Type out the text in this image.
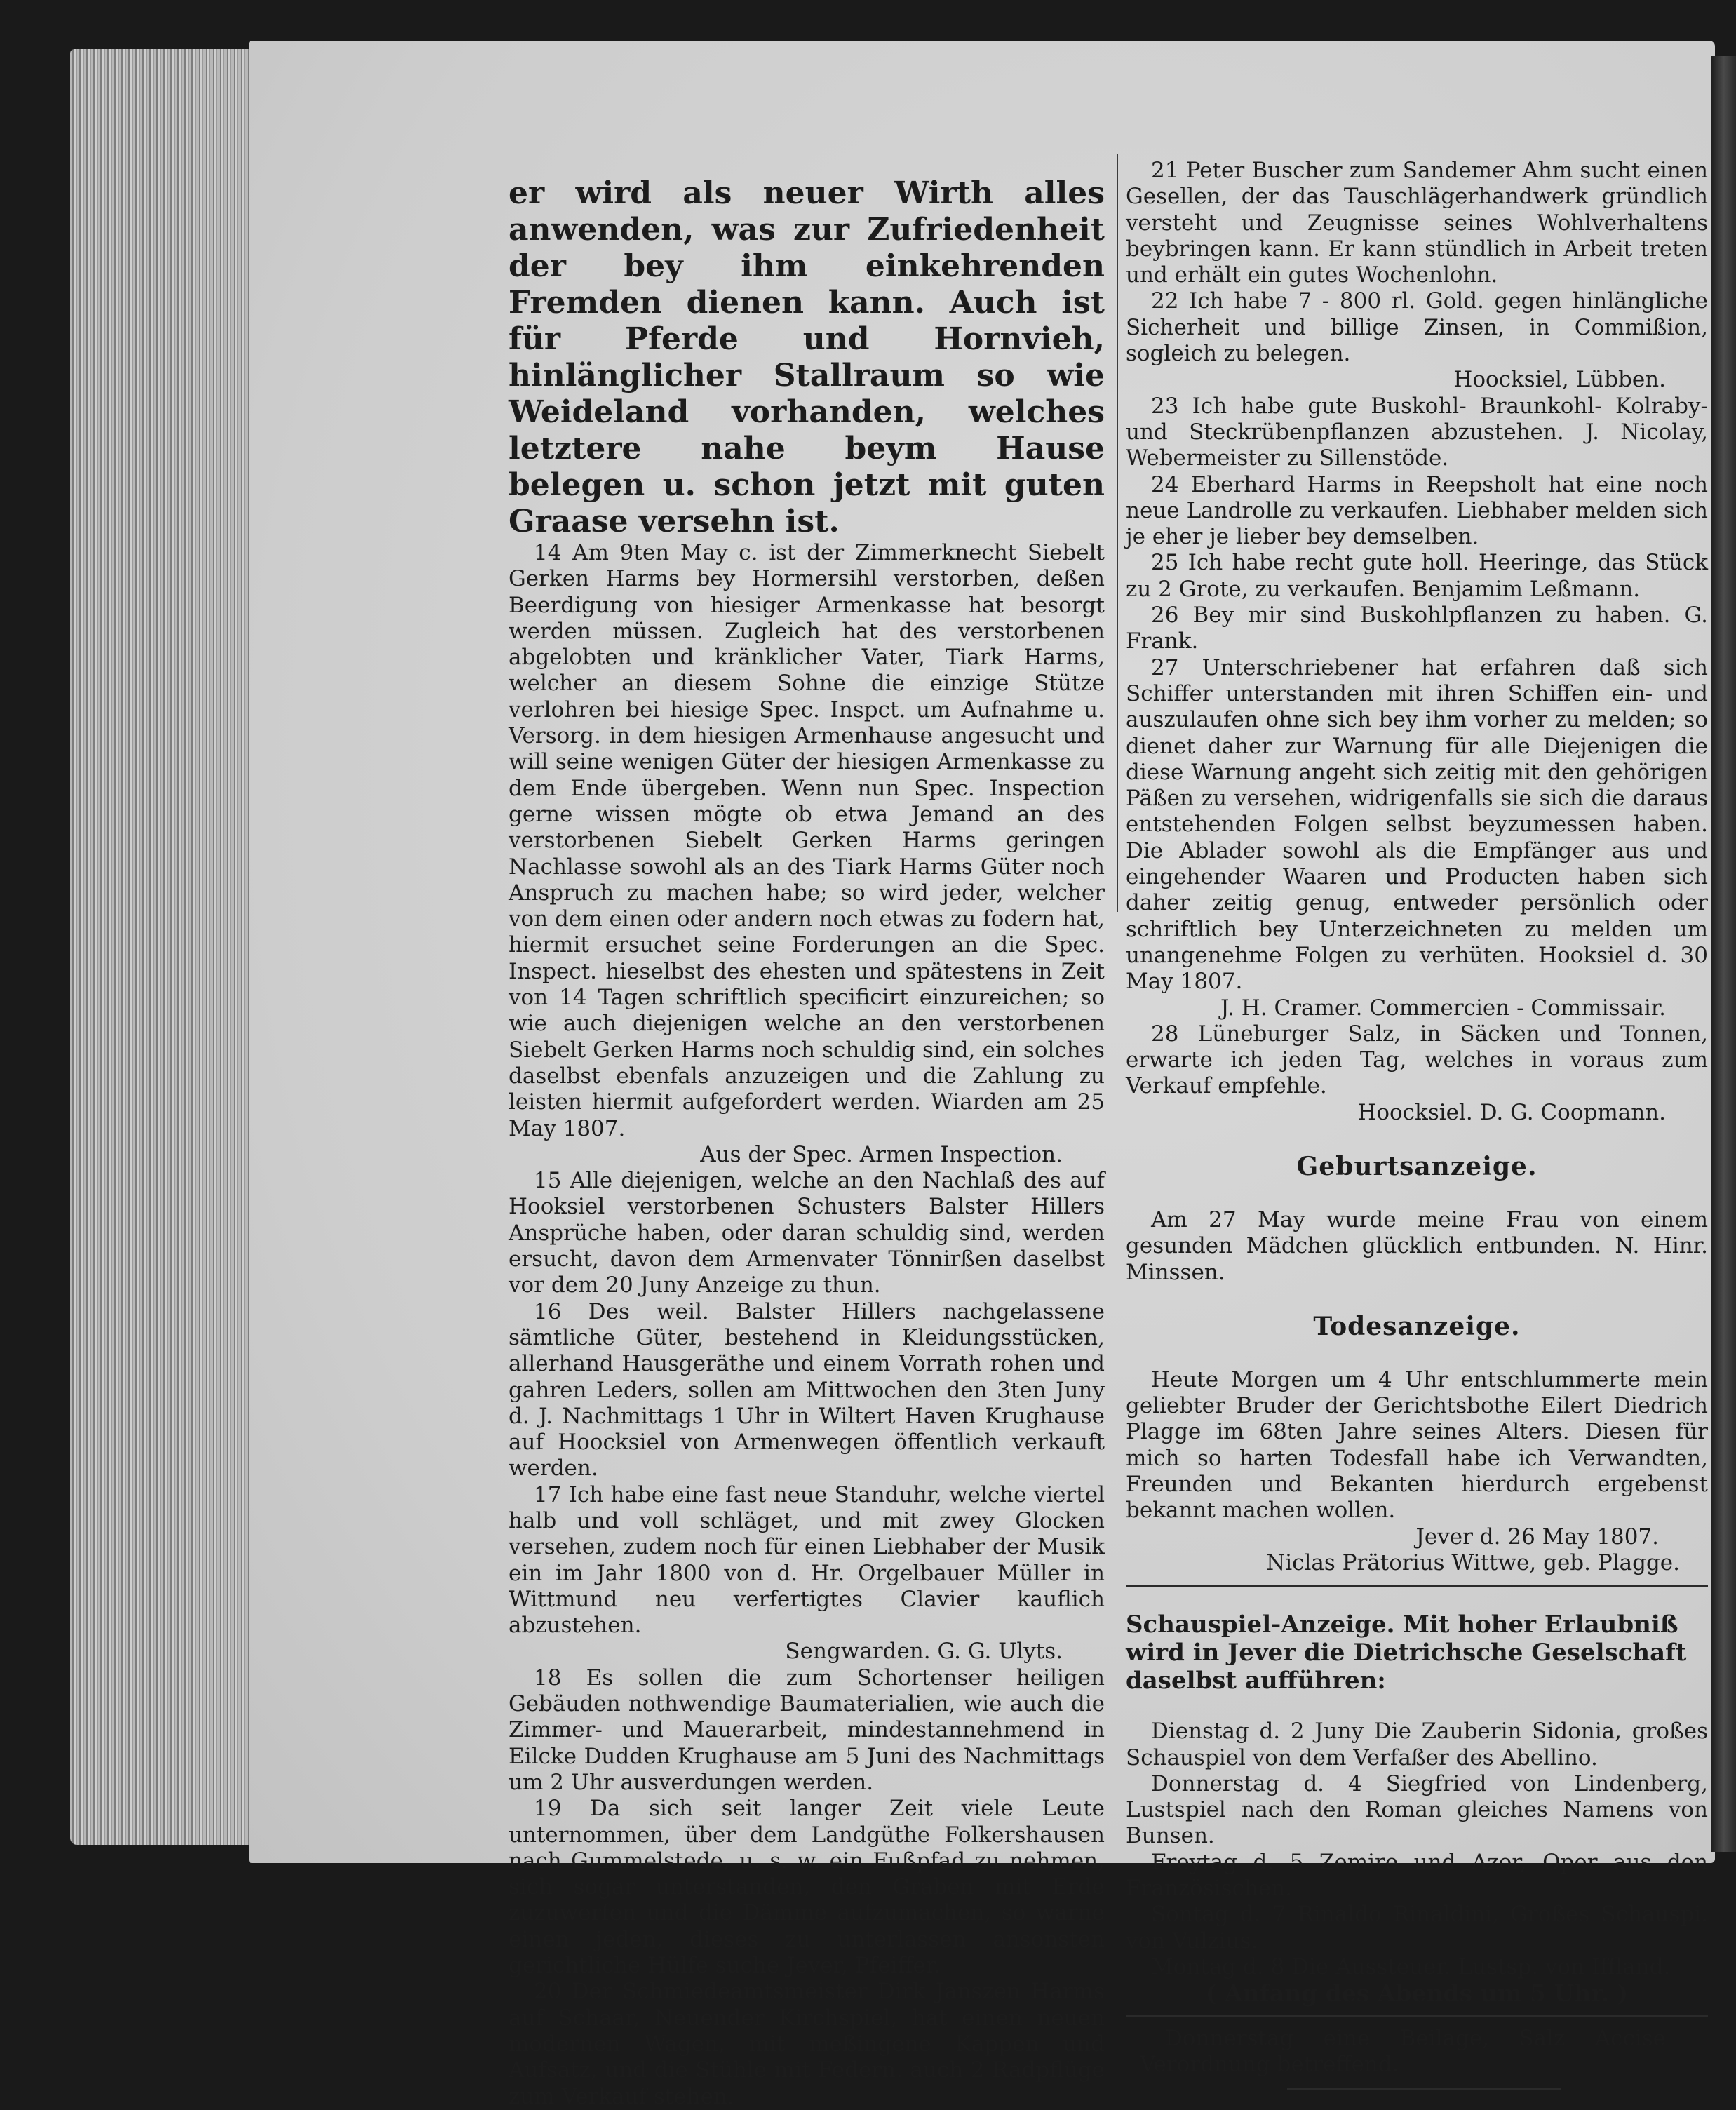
er wird als neuer Wirth alles anwenden, was zur Zufriedenheit der bey ihm einkehrenden Fremden dienen kann. Auch ist für Pferde und Hornvieh, hinlänglicher Stallraum so wie Weideland vorhanden, welches letztere nahe beym Hause belegen u. schon jetzt mit guten Graase versehn ist.

14 Am 9ten May c. ist der Zimmerknecht Siebelt Gerken Harms bey Hormersihl verstorben, deßen Beerdigung von hiesiger Armenkasse hat besorgt werden müssen. Zugleich hat des verstorbenen abgelobten und kränklicher Vater, Tiark Harms, welcher an diesem Sohne die einzige Stütze verlohren bei hiesige Spec. Inspct. um Aufnahme u. Versorg. in dem hiesigen Armenhause angesucht und will seine wenigen Güter der hiesigen Armenkasse zu dem Ende übergeben. Wenn nun Spec. Inspection gerne wissen mögte ob etwa Jemand an des verstorbenen Siebelt Gerken Harms geringen Nachlasse sowohl als an des Tiark Harms Güter noch Anspruch zu machen habe; so wird jeder, welcher von dem einen oder andern noch etwas zu fodern hat, hiermit ersuchet seine Forderungen an die Spec. Inspect. hieselbst des ehesten und spätestens in Zeit von 14 Tagen schriftlich specificirt einzureichen; so wie auch diejenigen welche an den verstorbenen Siebelt Gerken Harms noch schuldig sind, ein solches daselbst ebenfals anzuzeigen und die Zahlung zu leisten hiermit aufgefordert werden. Wiarden am 25 May 1807.

Aus der Spec. Armen Inspection.

15 Alle diejenigen, welche an den Nachlaß des auf Hooksiel verstorbenen Schusters Balster Hillers Ansprüche haben, oder daran schuldig sind, werden ersucht, davon dem Armenvater Tönnirßen daselbst vor dem 20 Juny Anzeige zu thun.

16 Des weil. Balster Hillers nachgelassene sämtliche Güter, bestehend in Kleidungsstücken, allerhand Hausgeräthe und einem Vorrath rohen und gahren Leders, sollen am Mittwochen den 3ten Juny d. J. Nachmittags 1 Uhr in Wiltert Haven Krughause auf Hoocksiel von Armenwegen öffentlich verkauft werden.

17 Ich habe eine fast neue Standuhr, welche viertel halb und voll schläget, und mit zwey Glocken versehen, zudem noch für einen Liebhaber der Musik ein im Jahr 1800 von d. Hr. Orgelbauer Müller in Wittmund neu verfertigtes Clavier kauflich abzustehen.

Sengwarden. G. G. Ulyts.

18 Es sollen die zum Schortenser heiligen Gebäuden nothwendige Baumaterialien, wie auch die Zimmer- und Mauerarbeit, mindestannehmend in Eilcke Dudden Krughause am 5 Juni des Nachmittags um 2 Uhr ausverdungen werden.

19 Da sich seit langer Zeit viele Leute unternommen, über dem Landgüthe Folkershausen nach Gummelstede, u. s. w. ein Fußpfad zu nehmen, sich sogar unterstanden, den Graben mit Erde zuzuwerfen und die Dämme aufzumachen, so warne einen jeden, dieses zu unterlassen ansonsten gerichtliche Hülfe suche Jever, Pfeiffer.

20 Der Schmiedeamtsmeister Dirk Janszen Harms auf Schaar, Neuender Kirchspiel, hat einen neuen modernen Wagen, mit meßingene Kappen und Aufsatz, und die Stühle mit Federn. auch 2 Radpflüge zum Verkauf stehen.

21 Peter Buscher zum Sandemer Ahm sucht einen Gesellen, der das Tauschlägerhandwerk gründlich versteht und Zeugnisse seines Wohlverhaltens beybringen kann. Er kann stündlich in Arbeit treten und erhält ein gutes Wochenlohn.

22 Ich habe 7 - 800 rl. Gold. gegen hinlängliche Sicherheit und billige Zinsen, in Commißion, sogleich zu belegen.

Hoocksiel, Lübben.

23 Ich habe gute Buskohl- Braunkohl- Kolraby- und Steckrübenpflanzen abzustehen. J. Nicolay, Webermeister zu Sillenstöde.

24 Eberhard Harms in Reepsholt hat eine noch neue Landrolle zu verkaufen. Liebhaber melden sich je eher je lieber bey demselben.

25 Ich habe recht gute holl. Heeringe, das Stück zu 2 Grote, zu verkaufen. Benjamim Leßmann.

26 Bey mir sind Buskohlpflanzen zu haben. G. Frank.

27 Unterschriebener hat erfahren daß sich Schiffer unterstanden mit ihren Schiffen ein- und auszulaufen ohne sich bey ihm vorher zu melden; so dienet daher zur Warnung für alle Diejenigen die diese Warnung angeht sich zeitig mit den gehörigen Päßen zu versehen, widrigenfalls sie sich die daraus entstehenden Folgen selbst beyzumessen haben. Die Ablader sowohl als die Empfänger aus und eingehender Waaren und Producten haben sich daher zeitig genug, entweder persönlich oder schriftlich bey Unterzeichneten zu melden um unangenehme Folgen zu verhüten. Hooksiel d. 30 May 1807.

J. H. Cramer. Commercien - Commissair.

28 Lüneburger Salz, in Säcken und Tonnen, erwarte ich jeden Tag, welches in voraus zum Verkauf empfehle.

Hoocksiel. D. G. Coopmann.

Geburtsanzeige.

Am 27 May wurde meine Frau von einem gesunden Mädchen glücklich entbunden. N. Hinr. Minssen.

Todesanzeige.

Heute Morgen um 4 Uhr entschlummerte mein geliebter Bruder der Gerichtsbothe Eilert Diedrich Plagge im 68ten Jahre seines Alters. Diesen für mich so harten Todesfall habe ich Verwandten, Freunden und Bekanten hierdurch ergebenst bekannt machen wollen.

Jever d. 26 May 1807.

Niclas Prätorius Wittwe, geb. Plagge.

Schauspiel-Anzeige. Mit hoher Erlaubniß wird in Jever die Dietrichsche Geselschaft daselbst aufführen:

Dienstag d. 2 Juny Die Zauberin Sidonia, großes Schauspiel von dem Verfaßer des Abellino.

Donnerstag d. 4 Siegfried von Lindenberg, Lustspiel nach den Roman gleiches Namens von Bunsen.

Freytag d. 5 Zemire und Azor, Oper aus den Französischen.

Sontag d. 7 Rinaldo Rinaldini, Großes Schauspi. von Vulzius.

Montag d. 8 Die Aussteuer. Lustsp. von Iffland.

( Anfang des Abends um 5 Uhr. )

Donnerstag eine Beilage, Salz Accise Verordnung betreffend.
